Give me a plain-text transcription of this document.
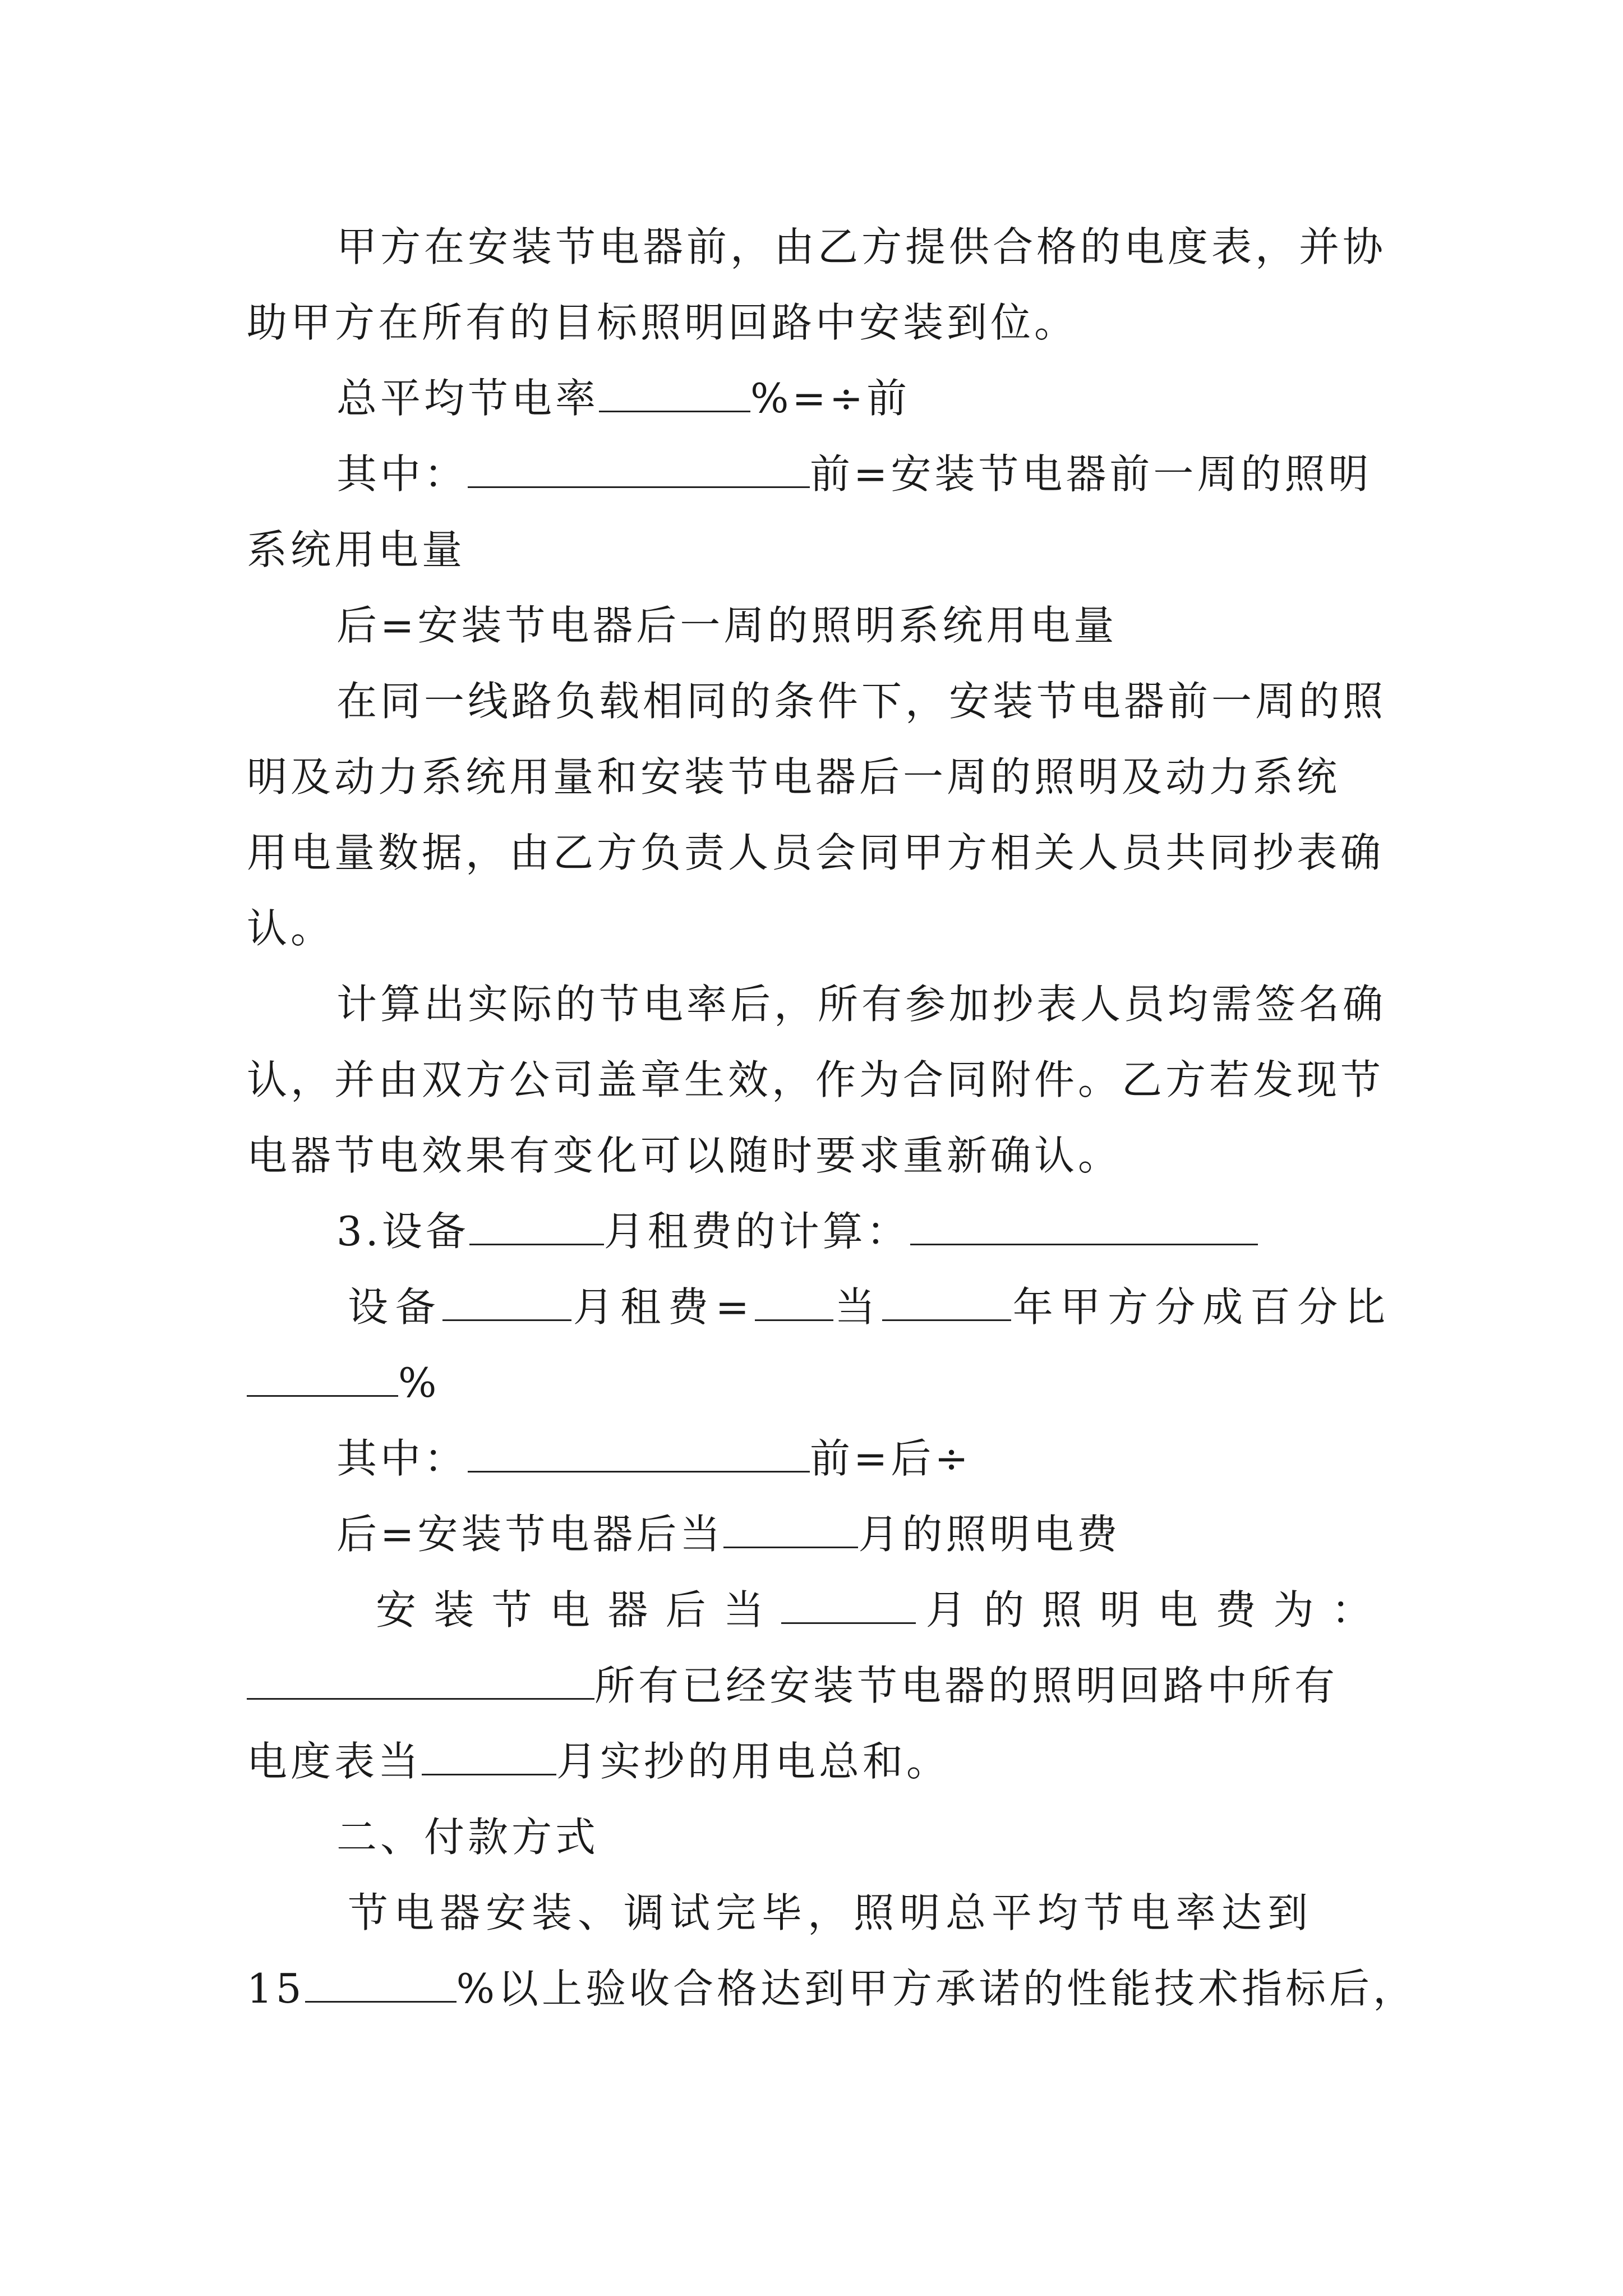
甲方在安装节电器前，由乙方提供合格的电度表，并协
助甲方在所有的目标照明回路中安装到位。
总平均节电率	%=÷前
其中：	前=安装节电器前一周的照明
系统用电量
后=安装节电器后一周的照明系统用电量
在同一线路负载相同的条件下，安装节电器前一周的照
明及动力系统用量和安装节电器后一周的照明及动力系统
用电量数据，由乙方负责人员会同甲方相关人员共同抄表确
认。
计算出实际的节电率后，所有参加抄表人员均需签名确
认，并由双方公司盖章生效，作为合同附件。乙方若发现节
电器节电效果有变化可以随时要求重新确认。
3.设备	月租费的计算：
设备	月租费= 当	年甲方分成百分比
%
其中：	前=后÷
后=安装节电器后当	月的照明电费
安装节电器后当	月的照明电费为：
所有已经安装节电器的照明回路中所有
电度表当	月实抄的用电总和。
二、付款方式
节电器安装、调试完毕，照明总平均节电率达到
15	%以上验收合格达到甲方承诺的性能技术指标后，
